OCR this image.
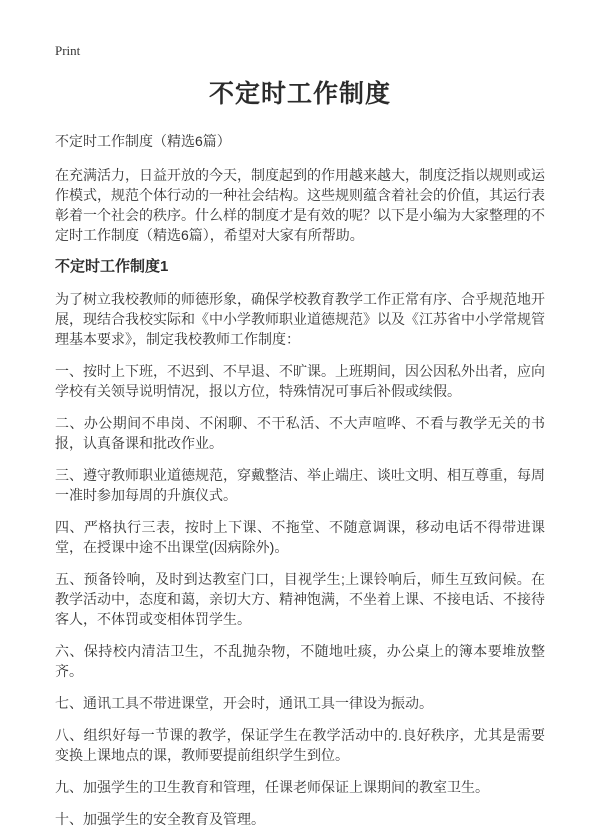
Print
不定时工作制度

不定时工作制度（精选6篇）

在充满活力，日益开放的今天，制度起到的作用越来越大，制度泛指以规则或运作模式，规范个体行动的一种社会结构。这些规则蕴含着社会的价值，其运行表彰着一个社会的秩序。什么样的制度才是有效的呢？以下是小编为大家整理的不定时工作制度（精选6篇），希望对大家有所帮助。

不定时工作制度1

为了树立我校教师的师德形象，确保学校教育教学工作正常有序、合乎规范地开展，现结合我校实际和《中小学教师职业道德规范》以及《江苏省中小学常规管理基本要求》，制定我校教师工作制度：

一、按时上下班，不迟到、不早退、不旷课。上班期间，因公因私外出者，应向学校有关领导说明情况，报以方位，特殊情况可事后补假或续假。

二、办公期间不串岗、不闲聊、不干私活、不大声喧哗、不看与教学无关的书报，认真备课和批改作业。

三、遵守教师职业道德规范，穿戴整洁、举止端庄、谈吐文明、相互尊重，每周一准时参加每周的升旗仪式。

四、严格执行三表，按时上下课、不拖堂、不随意调课，移动电话不得带进课堂，在授课中途不出课堂(因病除外)。

五、预备铃响，及时到达教室门口，目视学生;上课铃响后，师生互致问候。在教学活动中，态度和蔼，亲切大方、精神饱满，不坐着上课、不接电话、不接待客人，不体罚或变相体罚学生。

六、保持校内清洁卫生，不乱抛杂物，不随地吐痰，办公桌上的簿本要堆放整齐。

七、通讯工具不带进课堂，开会时，通讯工具一律设为振动。

八、组织好每一节课的教学，保证学生在教学活动中的.良好秩序，尤其是需要变换上课地点的课，教师要提前组织学生到位。

九、加强学生的卫生教育和管理，任课老师保证上课期间的教室卫生。

十、加强学生的安全教育及管理。
